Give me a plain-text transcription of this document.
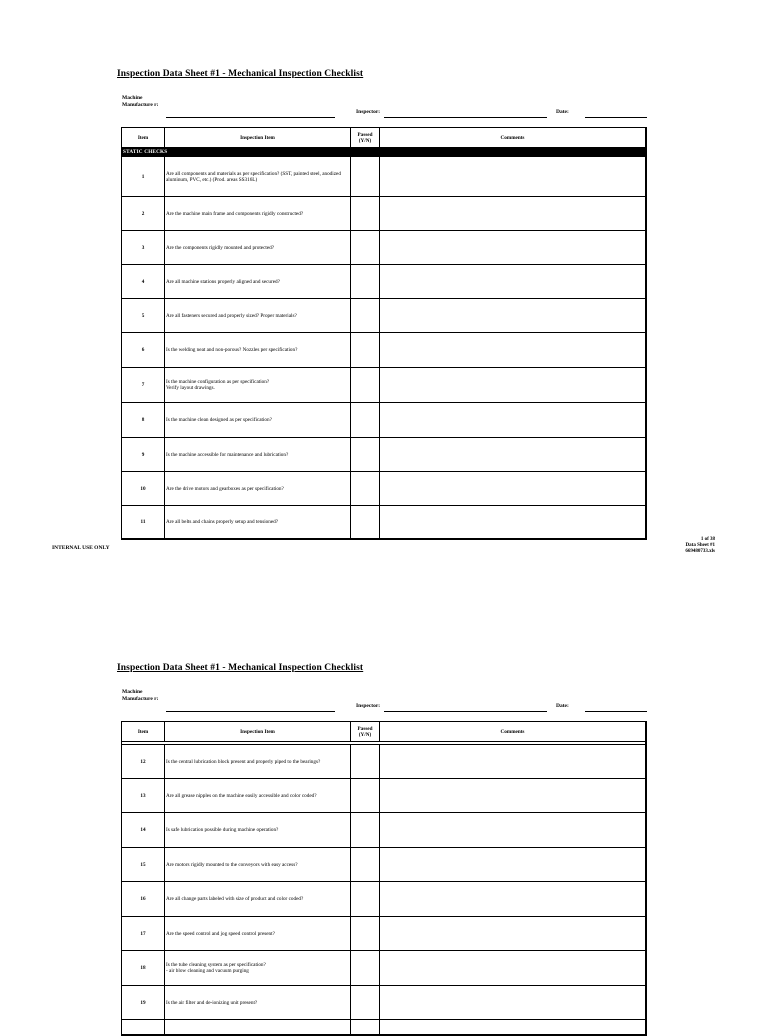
Inspection Data Sheet #1 - Mechanical Inspection Checklist
Machine Manufacture r:
Inspector:	Date:
Item	Inspection Item	Passed (Y/N)	Comments
STATIC CHECKS			
1	Are all components and materials as per specification? (SST, painted steel, anodized aluminum, PVC, etc.) (Prod. areas SS316L)		
2	Are the machine main frame and components rigidly constructed?		
3	Are the components rigidly mounted and protected?		
4	Are all machine stations properly aligned and secured?		
5	Are all fasteners secured and properly sized? Proper materials?		
6	Is the welding neat and non-porous? Nozzles per specification?		
7	Is the machine configuration as per specification?
Verify layout drawings.		
8	Is the machine clean designed as per specification?		
9	Is the machine accessible for maintenance and lubrication?		
10	Are the drive motors and gearboxes as per specification?		
11	Are all belts and chains properly setup and tensioned?		
INTERNAL USE ONLY
1 of 38
Data Sheet #1
669480733.xls
Inspection Data Sheet #1 - Mechanical Inspection Checklist
Machine Manufacture r:
Inspector:	Date:
Item	Inspection Item	Passed (Y/N)	Comments

12	Is the central lubrication block present and properly piped to the bearings?		
13	Are all grease nipples on the machine easily accessible and color coded?		
14	Is safe lubrication possible during machine operation?		
15	Are motors rigidly mounted to the conveyors with easy access?		
16	Are all change parts labeled with size of product and color coded?		
17	Are the speed control and jog speed control present?		
18	Is the tube cleaning system as per specification?
- air blow cleaning and vacuum purging		
19	Is the air filter and de-ionizing unit present?		
